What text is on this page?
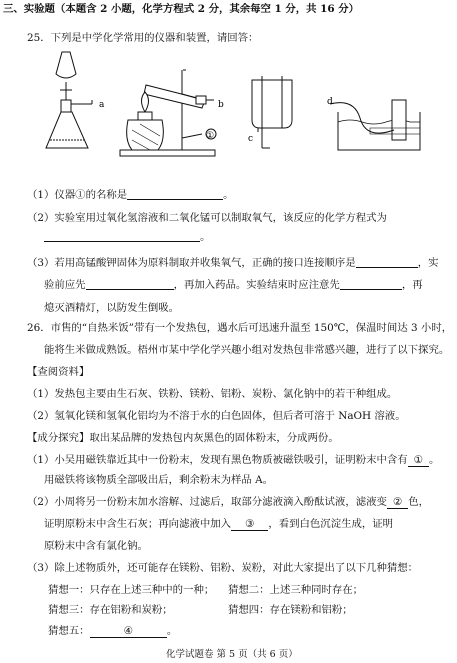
三、实验题（本题含 2 小题，化学方程式 2 分，其余每空 1 分，共 16 分）
25．下列是中学化学常用的仪器和装置，请回答：
a	b
①	c
d
（1）仪器①的名称是	。
（2）实验室用过氧化氢溶液和二氧化锰可以制取氧气，该反应的化学方程式为
。
（3）若用高锰酸钾固体为原料制取并收集氧气，正确的接口连接顺序是	，实
验前应先	，再加入药品。实验结束时应注意先	，再
熄灭酒精灯，以防发生倒吸。
26．市售的“自热米饭”带有一个发热包，遇水后可迅速升温至 150℃，保温时间达 3 小时，
能将生米做成熟饭。梧州市某中学化学兴趣小组对发热包非常感兴趣，进行了以下探究。
【查阅资料】
（1）发热包主要由生石灰、铁粉、镁粉、铝粉、炭粉、氯化钠中的若干种组成。
（2）氢氧化镁和氢氧化铝均为不溶于水的白色固体，但后者可溶于 NaOH 溶液。
【成分探究】取出某品牌的发热包内灰黑色的固体粉末，分成两份。
（1）小吴用磁铁靠近其中一份粉末，发现有黑色物质被磁铁吸引，证明粉末中含有 ① 。
用磁铁将该物质全部吸出后，剩余粉末为样品 A。
（2）小周将另一份粉末加水溶解、过滤后，取部分滤液滴入酚酞试液，滤液变 ② 色，
证明原粉末中含生石灰；再向滤液中加入 ③ ，看到白色沉淀生成，证明
原粉末中含有氯化钠。
（3）除上述物质外，还可能存在镁粉、铝粉、炭粉，对此大家提出了以下几种猜想：
猜想一：只存在上述三种中的一种； 猜想二：上述三种同时存在；
猜想三：存在铝粉和炭粉；	猜想四：存在镁粉和铝粉；
猜想五：	④	。
化学试题卷 第 5 页（共 6 页）
